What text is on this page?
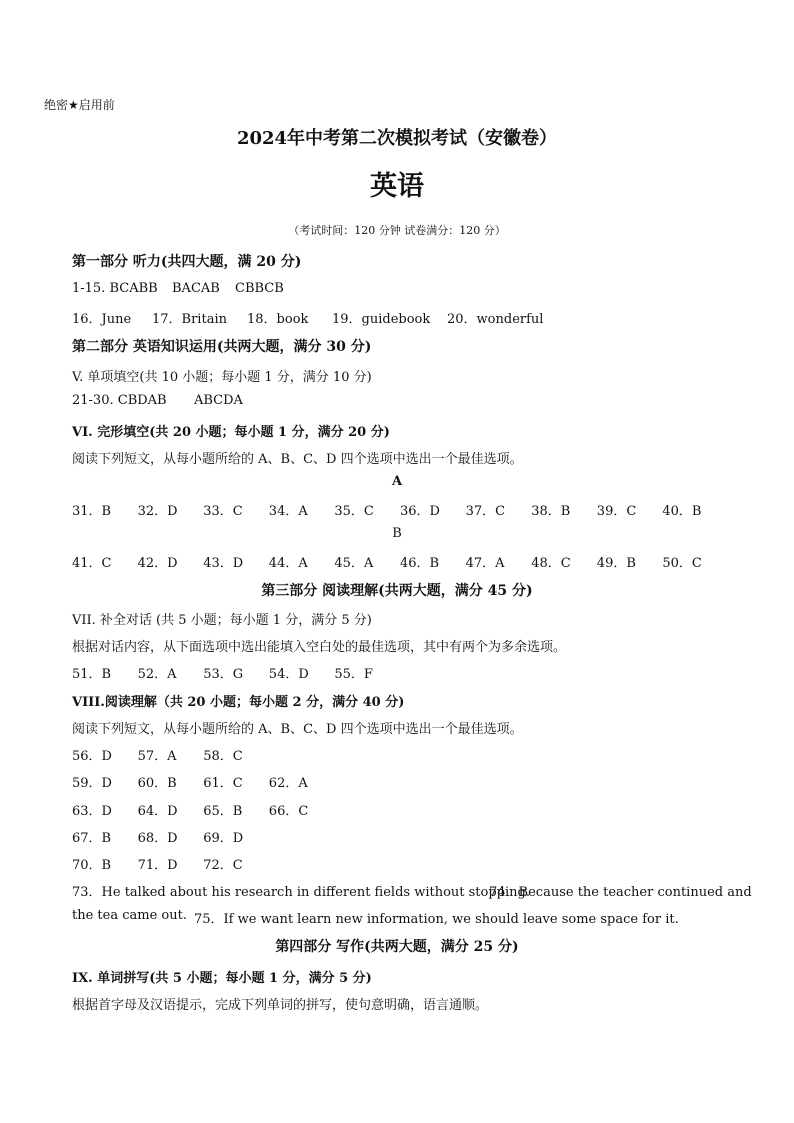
绝密★启用前
2024年中考第二次模拟考试（安徽卷）
英语
（考试时间：120 分钟 试卷满分：120 分）
第一部分 听力(共四大题，满 20 分)
1-15. BCABB BACAB CBBCB
16．June 17．Britain 18．book 19．guidebook 20．wonderful
第二部分 英语知识运用(共两大题，满分 30 分)
V. 单项填空(共 10 小题；每小题 1 分，满分 10 分)
21-30. CBDAB ABCDA
VI. 完形填空(共 20 小题；每小题 1 分，满分 20 分)
阅读下列短文，从每小题所给的 A、B、C、D 四个选项中选出一个最佳选项。
A
31．B 32．D 33．C 34．A 35．C 36．D 37．C 38．B 39．C 40．B
B
41．C 42．D 43．D 44．A 45．A 46．B 47．A 48．C 49．B 50．C
第三部分 阅读理解(共两大题，满分 45 分)
VII. 补全对话 (共 5 小题；每小题 1 分，满分 5 分)
根据对话内容，从下面选项中选出能填入空白处的最佳选项，其中有两个为多余选项。
51．B 52．A 53．G 54．D 55．F
VIII.阅读理解（共 20 小题；每小题 2 分，满分 40 分)
阅读下列短文，从每小题所给的 A、B、C、D 四个选项中选出一个最佳选项。
56．D 57．A 58．C
59．D 60．B 61．C 62．A
63．D 64．D 65．B 66．C
67．B 68．D 69．D
70．B 71．D 72．C
73．He talked about his research in different fields without stopping.
74．Because the teacher continued and
the tea came out. 75．If we want learn new information, we should leave some space for it.
第四部分 写作(共两大题，满分 25 分)
IX. 单词拼写(共 5 小题；每小题 1 分，满分 5 分)
根据首字母及汉语提示，完成下列单词的拼写，使句意明确，语言通顺。
